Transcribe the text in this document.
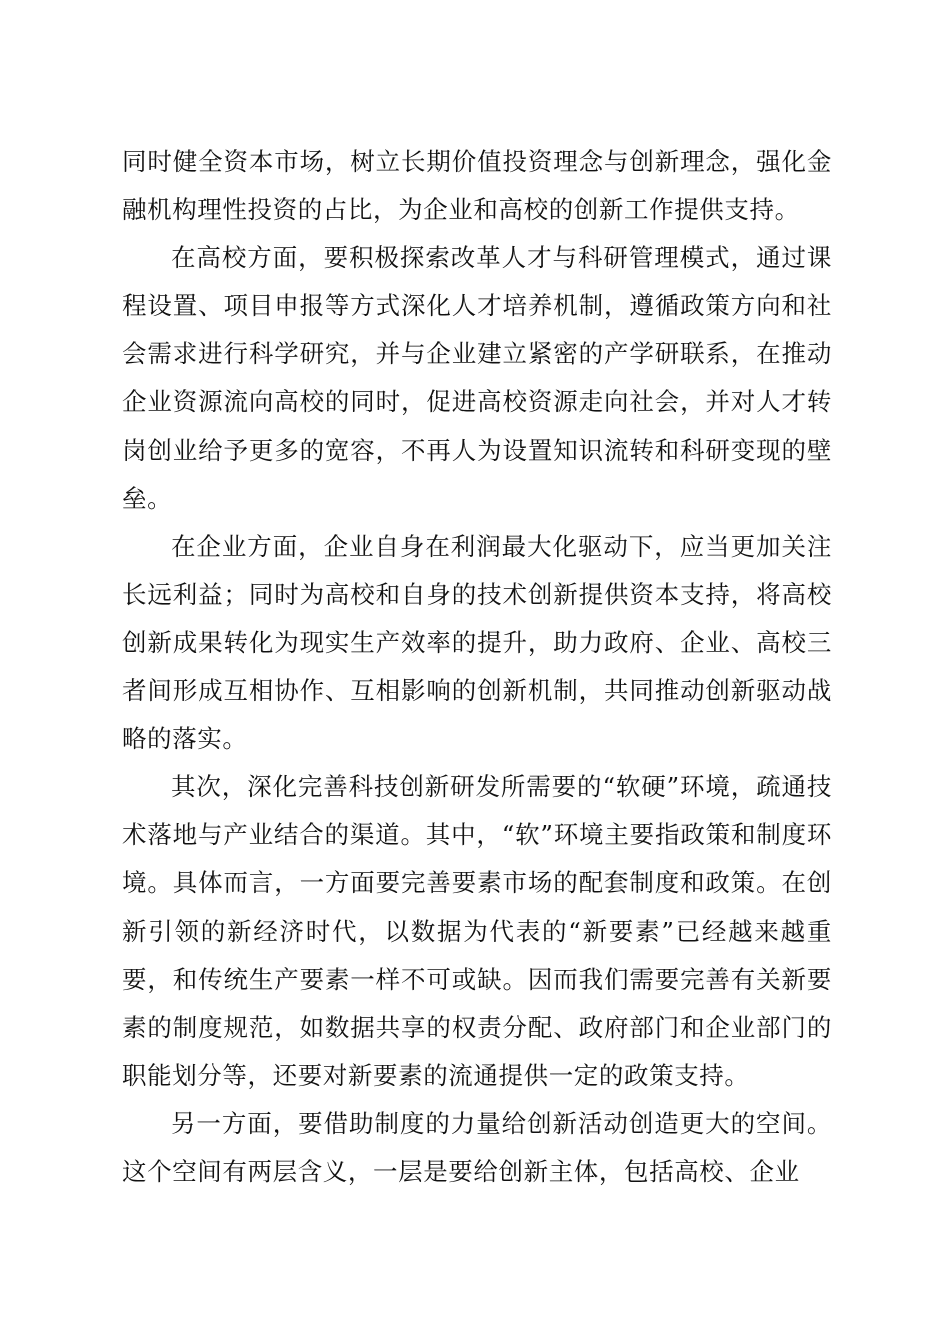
同时健全资本市场，树立长期价值投资理念与创新理念，强化金融机构理性投资的占比，为企业和高校的创新工作提供支持。

在高校方面，要积极探索改革人才与科研管理模式，通过课程设置、项目申报等方式深化人才培养机制，遵循政策方向和社会需求进行科学研究，并与企业建立紧密的产学研联系，在推动企业资源流向高校的同时，促进高校资源走向社会，并对人才转岗创业给予更多的宽容，不再人为设置知识流转和科研变现的壁垒。

在企业方面，企业自身在利润最大化驱动下，应当更加关注长远利益；同时为高校和自身的技术创新提供资本支持，将高校创新成果转化为现实生产效率的提升，助力政府、企业、高校三者间形成互相协作、互相影响的创新机制，共同推动创新驱动战略的落实。

其次，深化完善科技创新研发所需要的“软硬”环境，疏通技术落地与产业结合的渠道。其中，“软”环境主要指政策和制度环境。具体而言，一方面要完善要素市场的配套制度和政策。在创新引领的新经济时代，以数据为代表的“新要素”已经越来越重要，和传统生产要素一样不可或缺。因而我们需要完善有关新要素的制度规范，如数据共享的权责分配、政府部门和企业部门的职能划分等，还要对新要素的流通提供一定的政策支持。

另一方面，要借助制度的力量给创新活动创造更大的空间。这个空间有两层含义，一层是要给创新主体，包括高校、企业
